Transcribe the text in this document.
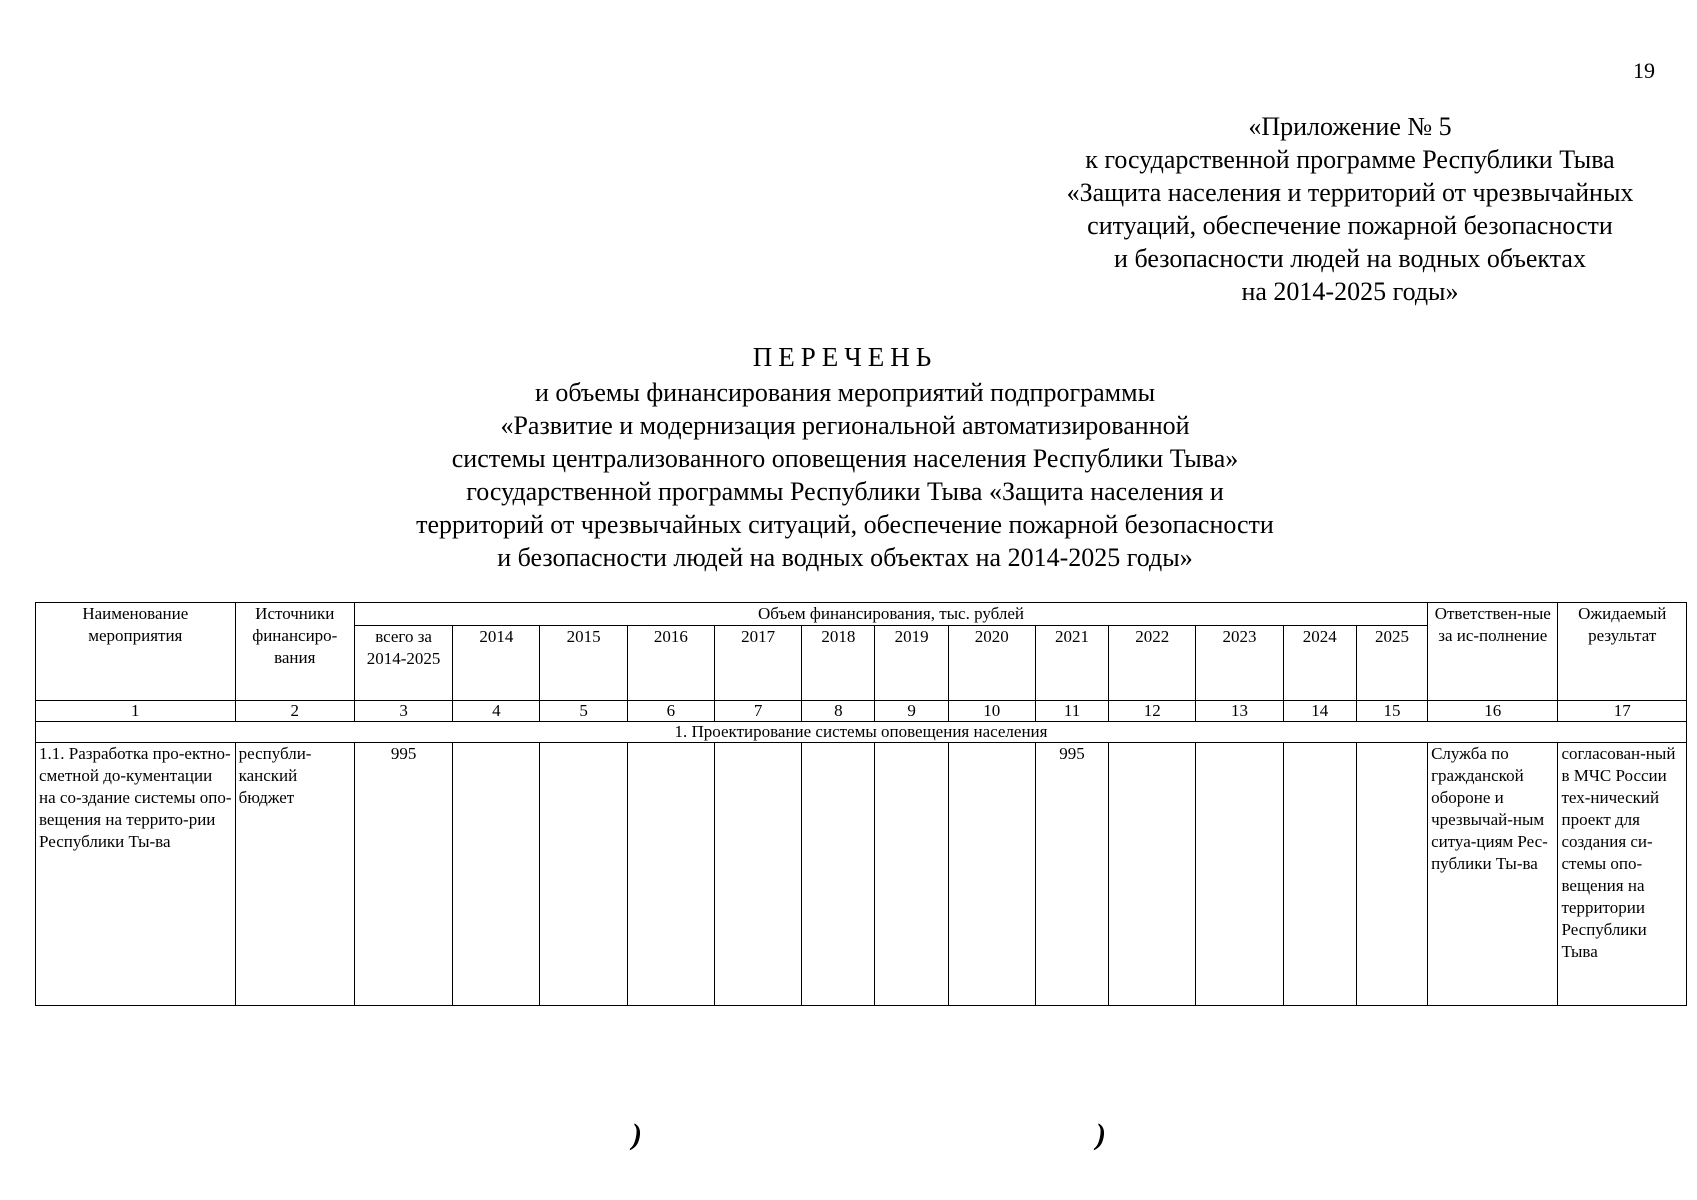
19
«Приложение № 5
к государственной программе Республики Тыва
«Защита населения и территорий от чрезвычайных
ситуаций, обеспечение пожарной безопасности
и безопасности людей на водных объектах
на 2014-2025 годы»
ПЕРЕЧЕНЬ
и объемы финансирования мероприятий подпрограммы
«Развитие и модернизация региональной автоматизированной
системы централизованного оповещения населения Республики Тыва»
государственной программы Республики Тыва «Защита населения и
территорий от чрезвычайных ситуаций, обеспечение пожарной безопасности
и безопасности людей на водных объектах на 2014-2025 годы»
Наименование мероприятия	Источники финансиро-вания	Объем финансирования, тыс. рублей													Ответствен-ные за ис-полнение	Ожидаемый результат
		всего за 2014-2025	2014	2015	2016	2017	2018	2019	2020	2021	2022	2023	2024	2025		
1	2	3	4	5	6	7	8	9	10	11	12	13	14	15	16	17
1. Проектирование системы оповещения населения																
1.1. Разработка про-ектно-сметной до-кументации на со-здание системы опо-вещения на террито-рии Республики Ты-ва	республи-канский бюджет	995								995					Служба по гражданской обороне и чрезвычай-ным ситуа-циям Рес-публики Ты-ва	согласован-ный в МЧС России тех-нический проект для создания си-стемы опо-вещения на территории Республики Тыва
)	)
